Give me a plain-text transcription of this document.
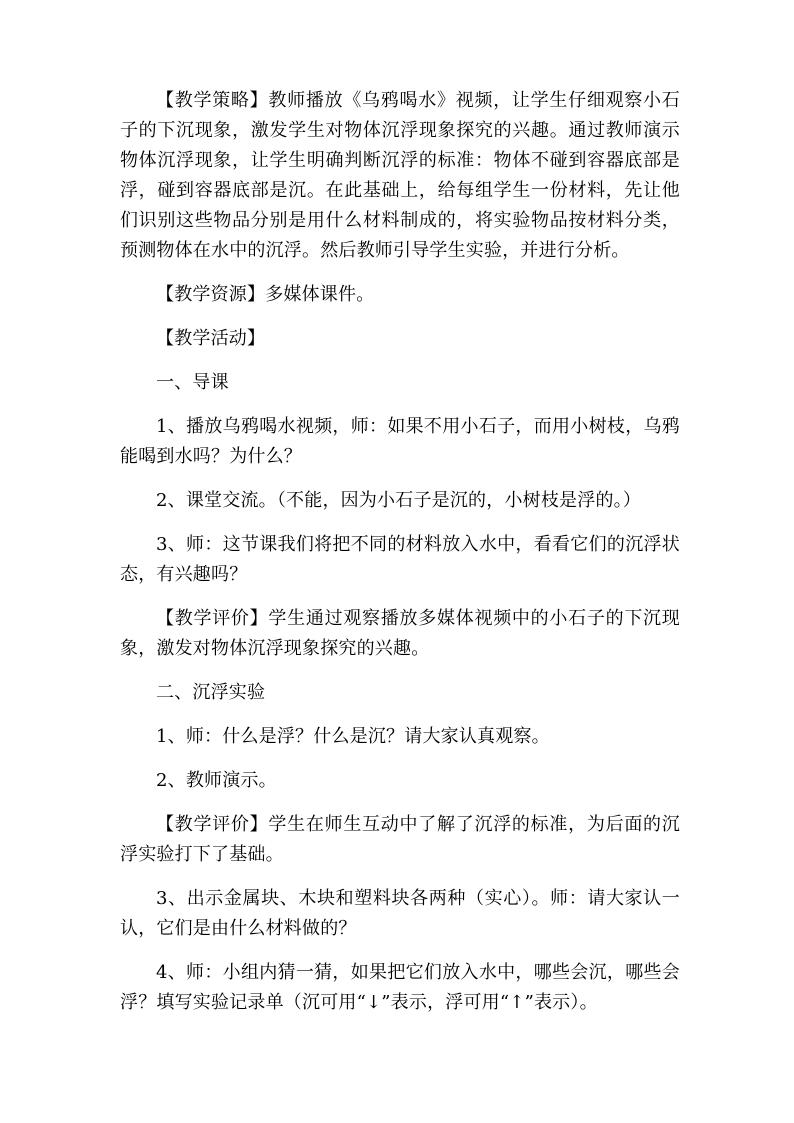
【教学策略】教师播放《乌鸦喝水》视频，让学生仔细观察小石子的下沉现象，激发学生对物体沉浮现象探究的兴趣。通过教师演示物体沉浮现象，让学生明确判断沉浮的标准：物体不碰到容器底部是浮，碰到容器底部是沉。在此基础上，给每组学生一份材料，先让他们识别这些物品分别是用什么材料制成的，将实验物品按材料分类，预测物体在水中的沉浮。然后教师引导学生实验，并进行分析。

【教学资源】多媒体课件。

【教学活动】

一、导课

1、播放乌鸦喝水视频，师：如果不用小石子，而用小树枝，乌鸦能喝到水吗？为什么？

2、课堂交流。（不能，因为小石子是沉的，小树枝是浮的。）

3、师：这节课我们将把不同的材料放入水中，看看它们的沉浮状态，有兴趣吗？

【教学评价】学生通过观察播放多媒体视频中的小石子的下沉现象，激发对物体沉浮现象探究的兴趣。

二、沉浮实验

1、师：什么是浮？什么是沉？请大家认真观察。

2、教师演示。

【教学评价】学生在师生互动中了解了沉浮的标准，为后面的沉浮实验打下了基础。

3、出示金属块、木块和塑料块各两种（实心）。师：请大家认一认，它们是由什么材料做的？

4、师：小组内猜一猜，如果把它们放入水中，哪些会沉，哪些会浮？填写实验记录单（沉可用“↓”表示，浮可用“↑”表示）。
